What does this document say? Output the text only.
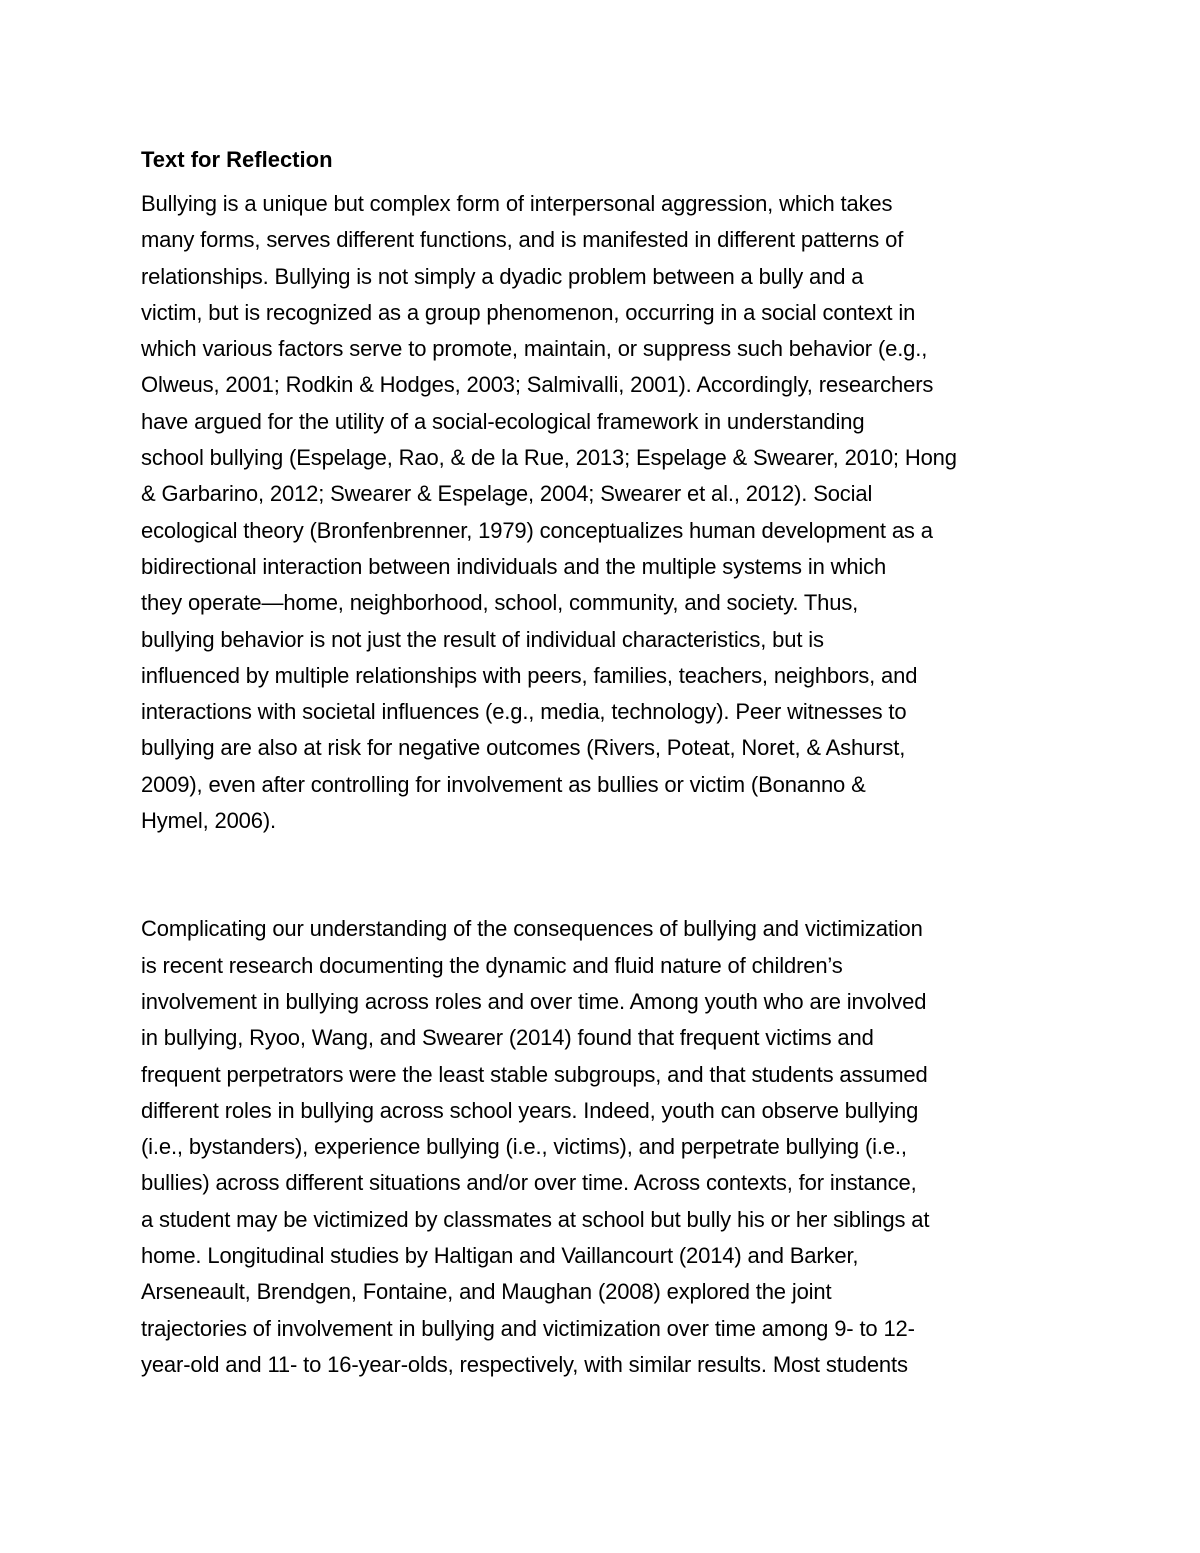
Text for Reflection
Bullying is a unique but complex form of interpersonal aggression, which takes
many forms, serves different functions, and is manifested in different patterns of
relationships. Bullying is not simply a dyadic problem between a bully and a
victim, but is recognized as a group phenomenon, occurring in a social context in
which various factors serve to promote, maintain, or suppress such behavior (e.g.,
Olweus, 2001; Rodkin & Hodges, 2003; Salmivalli, 2001). Accordingly, researchers
have argued for the utility of a social-ecological framework in understanding
school bullying (Espelage, Rao, & de la Rue, 2013; Espelage & Swearer, 2010; Hong
& Garbarino, 2012; Swearer & Espelage, 2004; Swearer et al., 2012). Social
ecological theory (Bronfenbrenner, 1979) conceptualizes human development as a
bidirectional interaction between individuals and the multiple systems in which
they operate—home, neighborhood, school, community, and society. Thus,
bullying behavior is not just the result of individual characteristics, but is
influenced by multiple relationships with peers, families, teachers, neighbors, and
interactions with societal influences (e.g., media, technology). Peer witnesses to
bullying are also at risk for negative outcomes (Rivers, Poteat, Noret, & Ashurst,
2009), even after controlling for involvement as bullies or victim (Bonanno &
Hymel, 2006).
Complicating our understanding of the consequences of bullying and victimization
is recent research documenting the dynamic and fluid nature of children’s
involvement in bullying across roles and over time. Among youth who are involved
in bullying, Ryoo, Wang, and Swearer (2014) found that frequent victims and
frequent perpetrators were the least stable subgroups, and that students assumed
different roles in bullying across school years. Indeed, youth can observe bullying
(i.e., bystanders), experience bullying (i.e., victims), and perpetrate bullying (i.e.,
bullies) across different situations and/or over time. Across contexts, for instance,
a student may be victimized by classmates at school but bully his or her siblings at
home. Longitudinal studies by Haltigan and Vaillancourt (2014) and Barker,
Arseneault, Brendgen, Fontaine, and Maughan (2008) explored the joint
trajectories of involvement in bullying and victimization over time among 9- to 12-
year-old and 11- to 16-year-olds, respectively, with similar results. Most students
